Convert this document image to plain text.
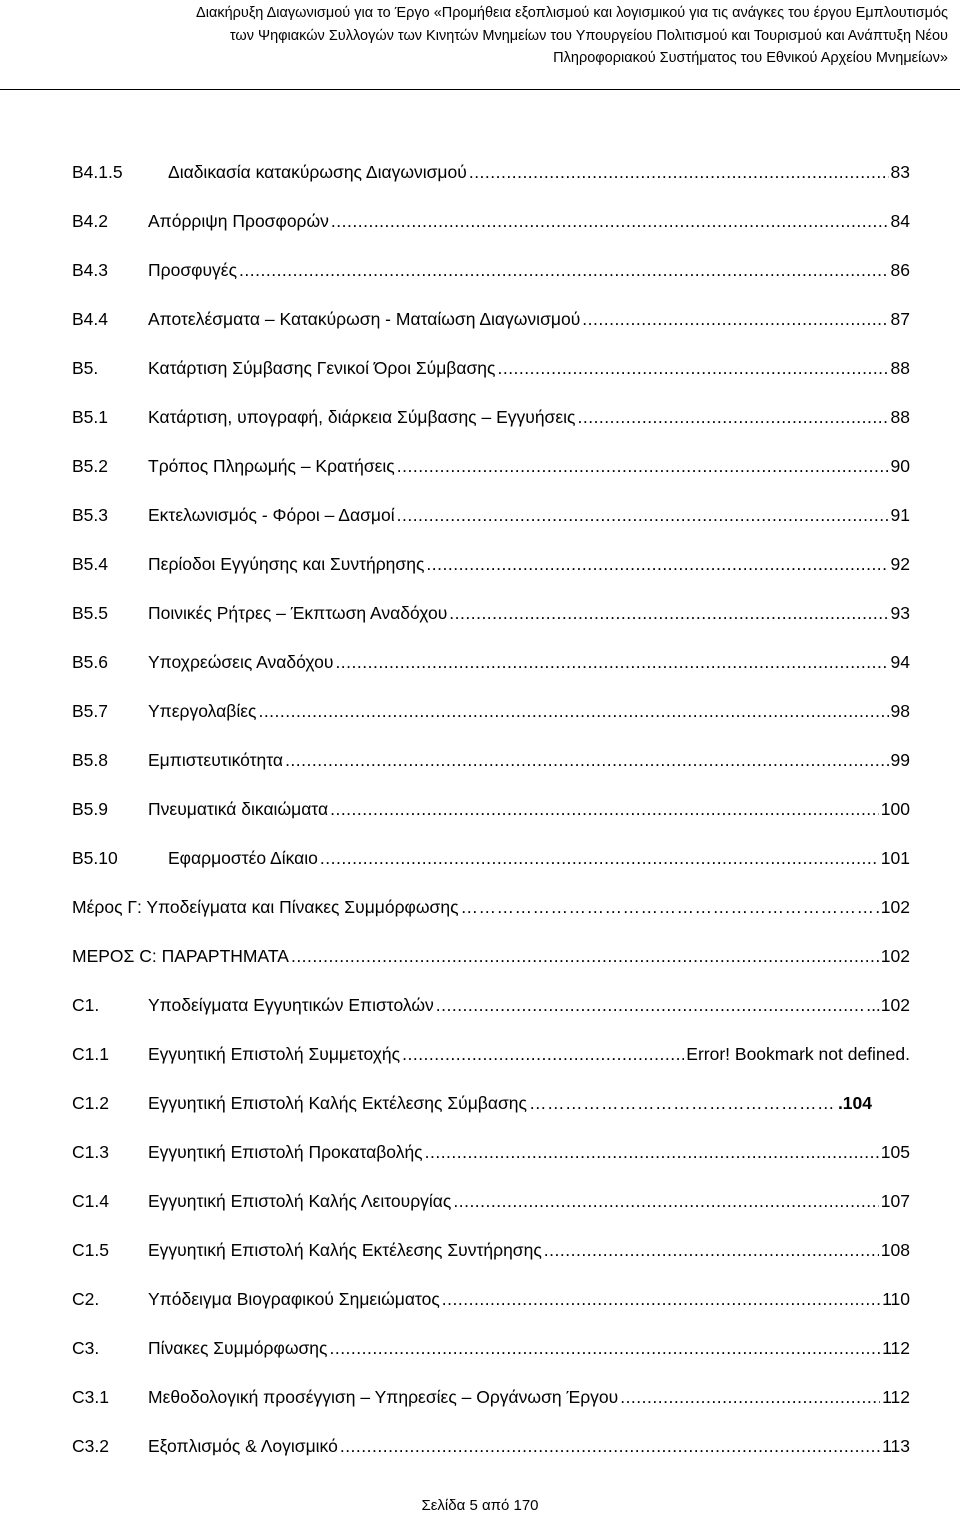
Διακήρυξη Διαγωνισμού για το Έργο «Προμήθεια εξοπλισμού και λογισμικού για τις ανάγκες του έργου Εμπλουτισμός
των Ψηφιακών Συλλογών των Κινητών Μνημείων του Υπουργείου Πολιτισμού και Τουρισμού και Ανάπτυξη Νέου
Πληροφοριακού Συστήματος του Εθνικού Αρχείου Μνημείων»
B4.1.5	Διαδικασία κατακύρωσης Διαγωνισμού .....	83
B4.2	Απόρριψη Προσφορών .....	84
B4.3	Προσφυγές .....	86
B4.4	Αποτελέσματα – Κατακύρωση - Ματαίωση Διαγωνισμού .....	87
B5.	Κατάρτιση Σύμβασης Γενικοί Όροι Σύμβασης .....	88
B5.1	Κατάρτιση, υπογραφή, διάρκεια Σύμβασης – Εγγυήσεις .....	88
B5.2	Τρόπος Πληρωμής – Κρατήσεις .....	90
B5.3	Εκτελωνισμός - Φόροι – Δασμοί .....	91
B5.4	Περίοδοι Εγγύησης και Συντήρησης .....	92
B5.5	Ποινικές Ρήτρες – Έκπτωση Αναδόχου .....	93
B5.6	Υποχρεώσεις Αναδόχου .....	94
B5.7	Υπεργολαβίες .....	98
B5.8	Εμπιστευτικότητα .....	99
B5.9	Πνευματικά δικαιώματα .....	100
B5.10	Εφαρμοστέο Δίκαιο .....	101
Μέρος Γ: Υποδείγματα και Πίνακες Συμμόρφωσης …………………………………………………………………………………………………………………………………………………………	102
ΜΕΡΟΣ C: ΠΑΡΑΡΤΗΜΑΤΑ .....	102
C1.	Υποδείγματα Εγγυητικών Επιστολών .....	...102
C1.1	Εγγυητική Επιστολή Συμμετοχής .....	Error! Bookmark not defined.
C1.2	Εγγυητική Επιστολή Καλής Εκτέλεσης Σύμβασης …………………………………………………………………………………………………………………………………………………………	.104
C1.3	Εγγυητική Επιστολή Προκαταβολής .....	105
C1.4	Εγγυητική Επιστολή Καλής Λειτουργίας .....	107
C1.5	Εγγυητική Επιστολή Καλής Εκτέλεσης Συντήρησης .....	108
C2.	Υπόδειγμα Βιογραφικού Σημειώματος .....	110
C3.	Πίνακες Συμμόρφωσης .....	112
C3.1	Μεθοδολογική προσέγγιση – Υπηρεσίες – Οργάνωση Έργου .....	112
C3.2	Εξοπλισμός & Λογισμικό .....	113
Σελίδα 5 από 170
